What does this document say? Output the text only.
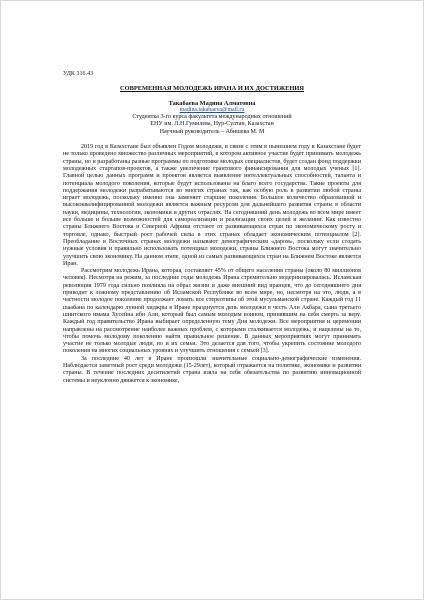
УДК 316.43

СОВРЕМЕННАЯ МОЛОДЕЖЬ ИРАНА И ИХ ДОСТИЖЕНИЯ

Такабаева Мадина Алматовна

madina.takabaeva@mail.ru

Студентка 3-го курса факультета международных отношений

ЕНУ им. Л.Н.Гумилева, Нур-Султан, Казахстан

Научный руководитель – Абишева М. М

2019 год в Казахстане был объявлен Годом молодежи, в связи с этим в нынешнем году в Казахстане будет не только проведено множество различных мероприятий, в котором активное участие будет принимать молодежь страны, но и разработаны разные программы по подготовке молодых специалистов, будет создан фонд поддержки молодежных стартапов-проектов, а также увеличение грантового финансирования для молодых ученых [1]. Главной целью данных программ и проектов является выявление интеллектуальных способностей, таланта и потенциала молодого поколения, которые будут использованы на благо всего государства. Такие проекты для поддержания молодежи разрабатываются во многих странах так, как особую роль в развитии любой страны играет молодежь, поскольку именно она заменяет старшие поколения. Большое количество образованной и высококвалифицированной молодежи является важным ресурсом для дальнейшего развития страны в области науки, медицины, технологии, экономики и других отраслях. На сегодняшний день молодежь во всем мире имеет все больше и больше возможностей для самореализации и реализации своих целей и желании. Как известно страны Ближнего Востока и Северной Африки отстают от развивающихся стран по экономическому росту и торговле, однако, быстрый рост рабочей силы в этих странах обладает экономическим потенциалом [2]. Преобладание в Восточных странах молодежи называют демографическим «даром», поскольку если создать нужные условия и правильно использовать потенциал молодежи, страны Ближнего Востока могут значительно улучшить свою экономику. На данном этапе, одной из самых развивающихся стран на Ближнем Востоке является Иран.

Рассмотрим молодежь Ирана, которая, составляет 45% от общего населения страны (около 80 миллионов человек). Несмотря на режим, за последние годы молодежь Ирана стремительно модернизировалась. Исламская революция 1979 года сильно повлияла на образ жизни и даже внешний вид иранцев, что до сегодняшнего дня приводит к ложному представлению об Исламской Республике во всем мире, но, несмотря на это, люди, а в частности молодое поколение продолжает ломать все стереотипы об этой мусульманской стране. Каждый год 11 шаабана по календарю лунной хиджры в Иране празднуется день молодежи в честь Али Акбара, сына третьего шиитского имама Хусейна ибн Али, который был самым молодым воином, принявшим на себя смерть за веру. Каждый год правительство Ирана выбирает определенную тему Дня молодежи. Все мероприятия и церемонии направлены на рассмотрение наиболее важных проблем, с которыми сталкивается молодежь, и нацелены на то, чтобы помочь молодому поколению найти правильное решение. В данных мероприятиях могут принимать участие не только молодые люди, но и их семьи. Это делается для того, чтобы укрепить состояние молодого поколения на многих социальных уровнях и улучшить отношения с семьей [3].

За последние 40 лет в Иране произошли значительные социально-демографические изменения. Наблюдается заметный рост среди молодежи (15-29лет), который отражается на политике, экономике и развитии страны. В течение последних десятилетий страна взяла на себя обязательства по развитию инновационной системы и неуклонно движется к экономике,
